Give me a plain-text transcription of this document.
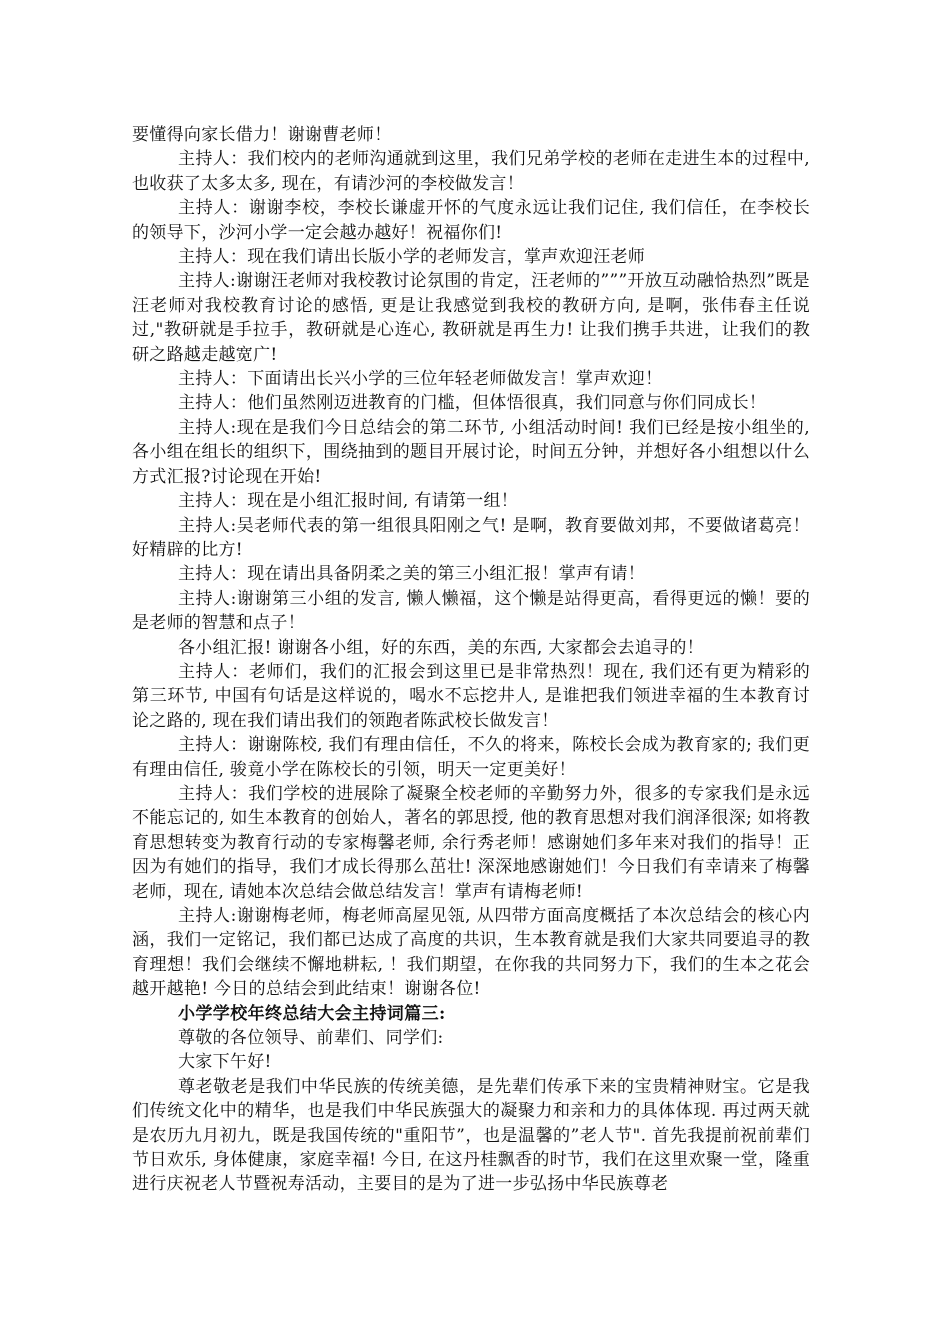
要懂得向家长借力！谢谢曹老师！

主持人：我们校内的老师沟通就到这里，我们兄弟学校的老师在走进生本的过程中, 也收获了太多太多, 现在，有请沙河的李校做发言！

主持人：谢谢李校，李校长谦虚开怀的气度永远让我们记住, 我们信任，在李校长的领导下，沙河小学一定会越办越好！祝福你们!

主持人：现在我们请出长版小学的老师发言，掌声欢迎汪老师

主持人:谢谢汪老师对我校教讨论氛围的肯定，汪老师的”””开放互动融恰热烈”既是汪老师对我校教育讨论的感悟, 更是让我感觉到我校的教研方向, 是啊，张伟春主任说过,"教研就是手拉手，教研就是心连心, 教研就是再生力! 让我们携手共进，让我们的教研之路越走越宽广!

主持人：下面请出长兴小学的三位年轻老师做发言！掌声欢迎！

主持人：他们虽然刚迈进教育的门槛，但体悟很真，我们同意与你们同成长！

主持人:现在是我们今日总结会的第二环节, 小组活动时间! 我们已经是按小组坐的, 各小组在组长的组织下，围绕抽到的题目开展讨论，时间五分钟，并想好各小组想以什么方式汇报?讨论现在开始!

主持人：现在是小组汇报时间, 有请第一组！

主持人:吴老师代表的第一组很具阳刚之气! 是啊，教育要做刘邦，不要做诸葛亮！好精辟的比方!

主持人：现在请出具备阴柔之美的第三小组汇报！掌声有请！

主持人:谢谢第三小组的发言, 懒人懒福，这个懒是站得更高，看得更远的懒！要的是老师的智慧和点子！

各小组汇报! 谢谢各小组，好的东西，美的东西, 大家都会去追寻的！

主持人：老师们，我们的汇报会到这里已是非常热烈！现在, 我们还有更为精彩的第三环节, 中国有句话是这样说的，喝水不忘挖井人, 是谁把我们领进幸福的生本教育讨论之路的, 现在我们请出我们的领跑者陈武校长做发言！

主持人：谢谢陈校, 我们有理由信任，不久的将来，陈校长会成为教育家的; 我们更有理由信任, 骏竟小学在陈校长的引领，明天一定更美好！

主持人：我们学校的进展除了凝聚全校老师的辛勤努力外，很多的专家我们是永远不能忘记的, 如生本教育的创始人，著名的郭思授, 他的教育思想对我们润泽很深; 如将教育思想转变为教育行动的专家梅馨老师, 余行秀老师！感谢她们多年来对我们的指导！正因为有她们的指导，我们才成长得那么茁壮! 深深地感谢她们！今日我们有幸请来了梅馨老师，现在, 请她本次总结会做总结发言！掌声有请梅老师!

主持人:谢谢梅老师，梅老师高屋见瓴, 从四带方面高度概括了本次总结会的核心内涵，我们一定铭记，我们都已达成了高度的共识，生本教育就是我们大家共同要追寻的教育理想！我们会继续不懈地耕耘, ！我们期望，在你我的共同努力下，我们的生本之花会越开越艳! 今日的总结会到此结束！谢谢各位!

小学学校年终总结大会主持词篇三:

尊敬的各位领导、前辈们、同学们:

大家下午好!

尊老敬老是我们中华民族的传统美德，是先辈们传承下来的宝贵精神财宝。它是我们传统文化中的精华，也是我们中华民族强大的凝聚力和亲和力的具体体现. 再过两天就是农历九月初九，既是我国传统的"重阳节”，也是温馨的”老人节". 首先我提前祝前辈们节日欢乐, 身体健康，家庭幸福! 今日, 在这丹桂飘香的时节，我们在这里欢聚一堂，隆重进行庆祝老人节暨祝寿活动，主要目的是为了进一步弘扬中华民族尊老
